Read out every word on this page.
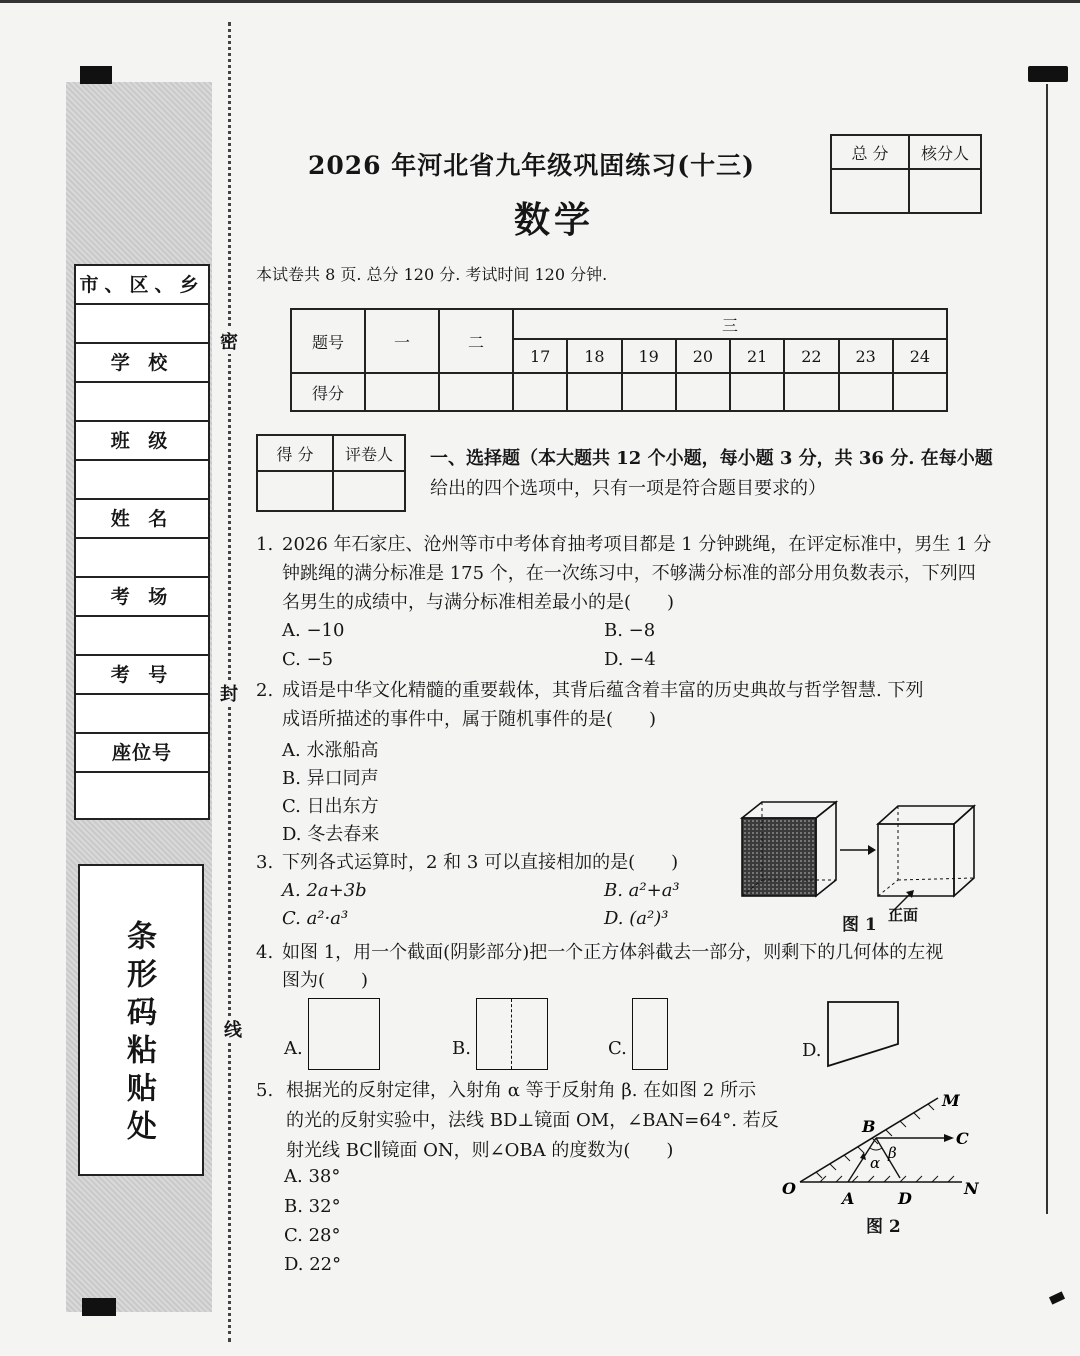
市、区、乡
学 校
班 级
姓 名
考 场
考 号
座位号
条形码粘贴处
密
封
线
2026 年河北省九年级巩固练习(十三)
数学
本试卷共 8 页. 总分 120 分. 考试时间 120 分钟.
总 分	核分人

题号	一	二	三							
			17	18	19	20	21	22	23	24
得分										
得 分	评卷人
	一、选择题（本大题共 12 个小题，每小题 3 分，共 36 分. 在每小题
给出的四个选项中，只有一项是符合题目要求的）
1. 2026 年石家庄、沧州等市中考体育抽考项目都是 1 分钟跳绳，在评定标准中，男生 1 分
钟跳绳的满分标准是 175 个，在一次练习中，不够满分标准的部分用负数表示，下列四
名男生的成绩中，与满分标准相差最小的是(　　)
A. −10	B. −8
C. −5	D. −4
2. 成语是中华文化精髓的重要载体，其背后蕴含着丰富的历史典故与哲学智慧. 下列
成语所描述的事件中，属于随机事件的是(　　)
A. 水涨船高
B. 异口同声
C. 日出东方
D. 冬去春来
3. 下列各式运算时，2 和 3 可以直接相加的是(　　)
A. 2a+3b	B. a²+a³
C. a²·a³	D. (a²)³	图 1 正面
4. 如图 1，用一个截面(阴影部分)把一个正方体斜截去一部分，则剩下的几何体的左视
图为(　　)
A.	B.	C.	D.
5. 根据光的反射定律，入射角 α 等于反射角 β. 在如图 2 所示
的光的反射实验中，法线 BD⊥镜面 OM，∠BAN=64°. 若反
射光线 BC∥镜面 ON，则∠OBA 的度数为(　　)
A. 38°
B. 32°
C. 28°
D. 22°
M
C
B
α
β
O
A	D
N
图 2
